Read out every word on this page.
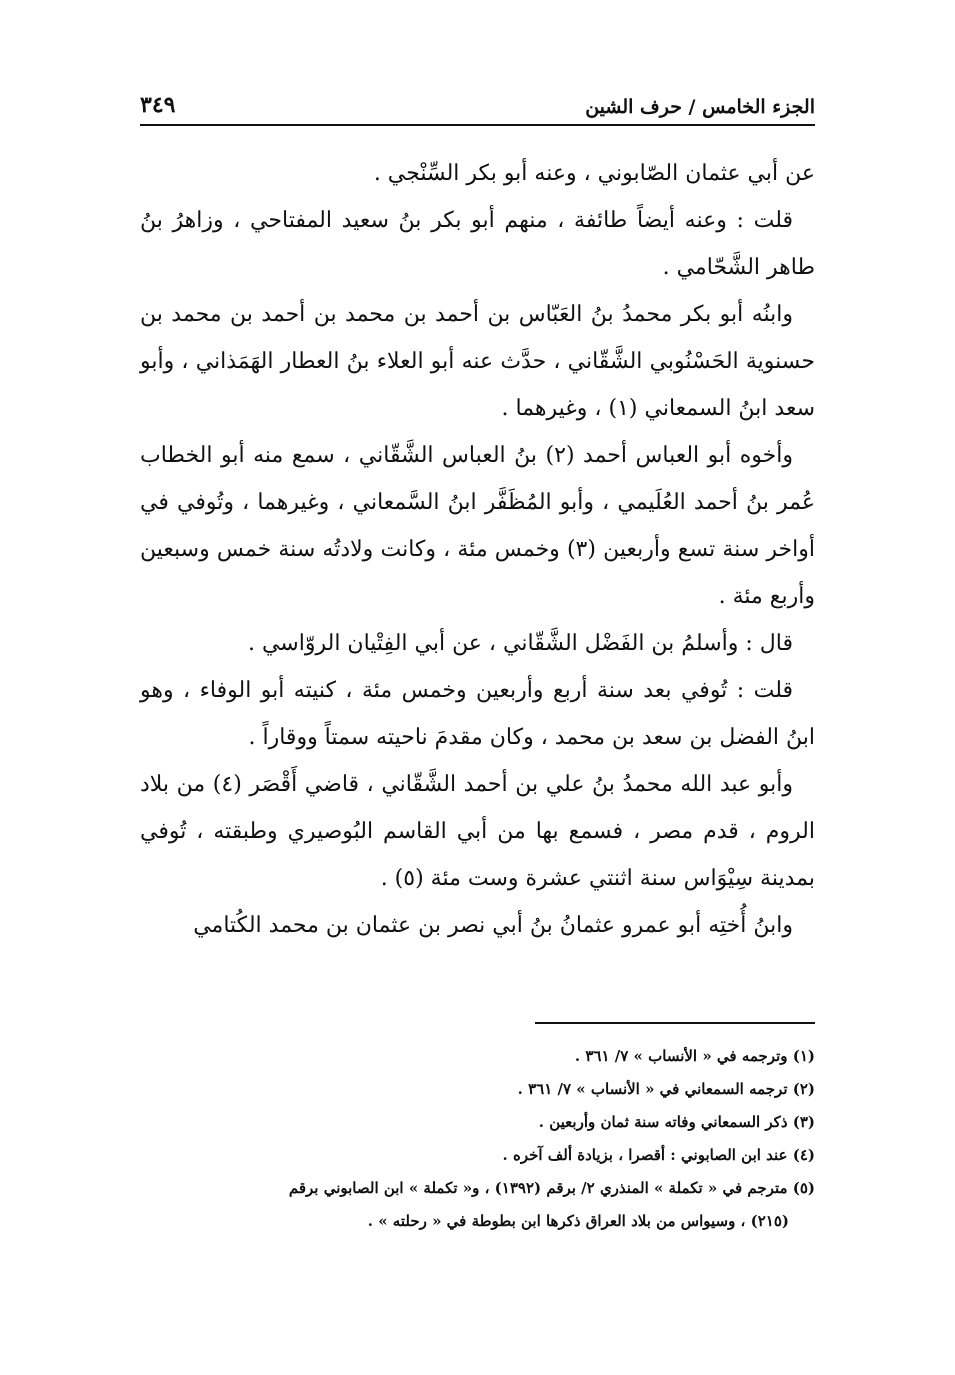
الجزء الخامس / حرف الشين
٣٤٩

عن أبي عثمان الصّابوني ، وعنه أبو بكر السِّنْجي .

قلت : وعنه أيضاً طائفة ، منهم أبو بكر بنُ سعيد المفتاحي ، وزاهرُ بنُ طاهر الشَّحّامي .

وابنُه أبو بكر محمدُ بنُ العَبّاس بن أحمد بن محمد بن أحمد بن محمد بن حسنوية الحَسْنُوبي الشَّقّاني ، حدَّث عنه أبو العلاء بنُ العطار الهَمَذاني ، وأبو سعد ابنُ السمعاني (١) ، وغيرهما .

وأخوه أبو العباس أحمد (٢) بنُ العباس الشَّقّاني ، سمع منه أبو الخطاب عُمر بنُ أحمد العُلَيمي ، وأبو المُظَفَّر ابنُ السَّمعاني ، وغيرهما ، وتُوفي في أواخر سنة تسع وأربعين (٣) وخمس مئة ، وكانت ولادتُه سنة خمس وسبعين وأربع مئة .

قال : وأسلمُ بن الفَضْل الشَّقّاني ، عن أبي الفِتْيان الروّاسي .

قلت : تُوفي بعد سنة أربع وأربعين وخمس مئة ، كنيته أبو الوفاء ، وهو ابنُ الفضل بن سعد بن محمد ، وكان مقدمَ ناحيته سمتاً ووقاراً .

وأبو عبد الله محمدُ بنُ علي بن أحمد الشَّقّاني ، قاضي أَقْصَر (٤) من بلاد الروم ، قدم مصر ، فسمع بها من أبي القاسم البُوصيري وطبقته ، تُوفي بمدينة سِيْوَاس سنة اثنتي عشرة وست مئة (٥) .

وابنُ أُختِه أبو عمرو عثمانُ بنُ أبي نصر بن عثمان بن محمد الكُتامي

(١) وترجمه في « الأنساب » ٧/ ٣٦١ .

(٢) ترجمه السمعاني في « الأنساب » ٧/ ٣٦١ .

(٣) ذكر السمعاني وفاته سنة ثمان وأربعين .

(٤) عند ابن الصابوني : أقصرا ، بزيادة ألف آخره .

(٥) مترجم في « تكملة » المنذري ٢/ برقم (١٣٩٢) ، و« تكملة » ابن الصابوني برقم

(٢١٥) ، وسيواس من بلاد العراق ذكرها ابن بطوطة في « رحلته » .
